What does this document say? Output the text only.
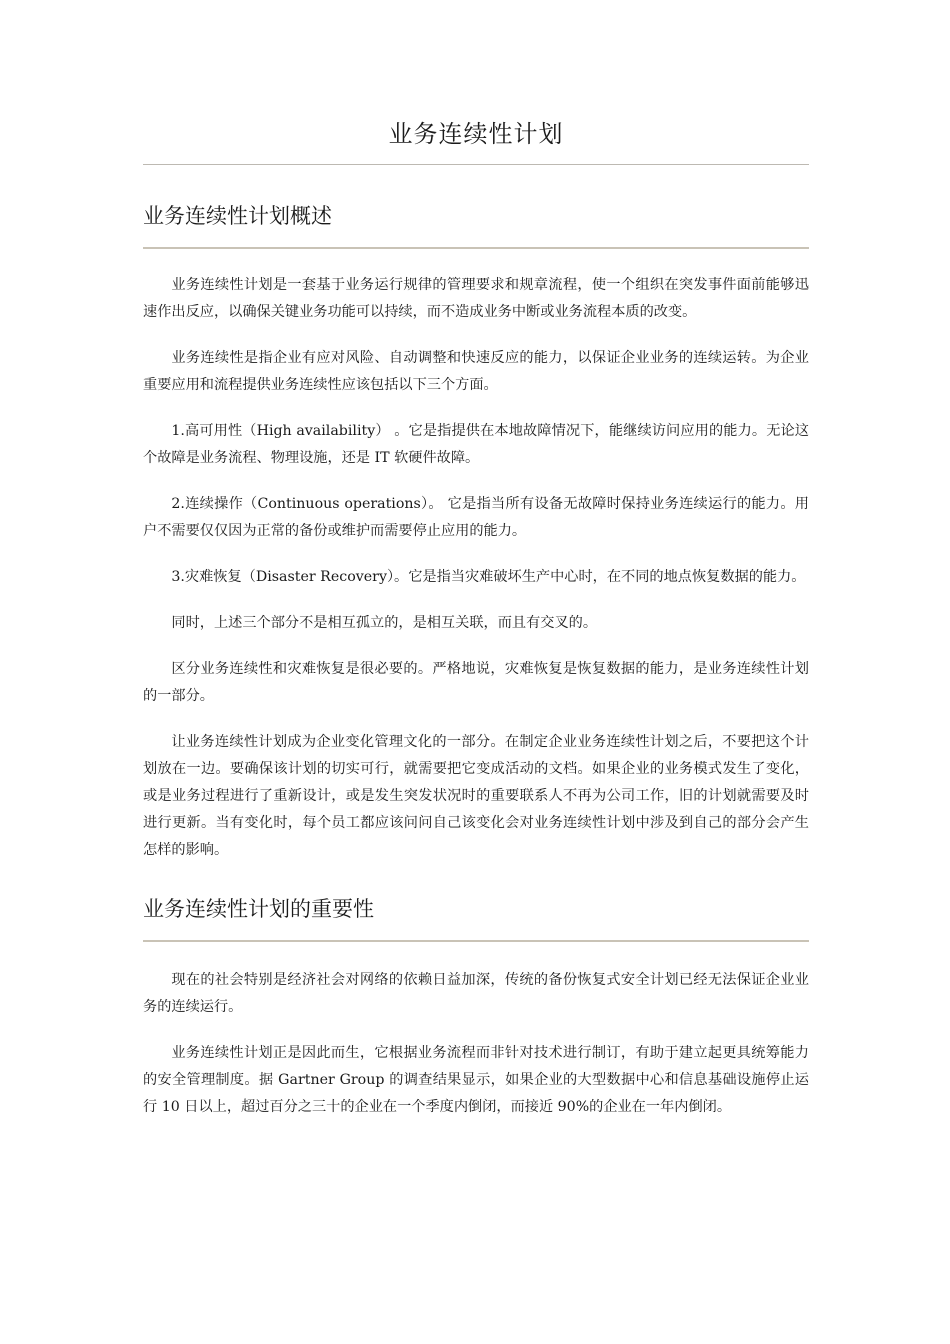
业务连续性计划
业务连续性计划概述

业务连续性计划是一套基于业务运行规律的管理要求和规章流程，使一个组织在突发事件面前能够迅速作出反应，以确保关键业务功能可以持续，而不造成业务中断或业务流程本质的改变。

业务连续性是指企业有应对风险、自动调整和快速反应的能力，以保证企业业务的连续运转。为企业重要应用和流程提供业务连续性应该包括以下三个方面。

1.高可用性（High availability） 。它是指提供在本地故障情况下，能继续访问应用的能力。无论这个故障是业务流程、物理设施，还是 IT 软硬件故障。

2.连续操作（Continuous operations）。 它是指当所有设备无故障时保持业务连续运行的能力。用户不需要仅仅因为正常的备份或维护而需要停止应用的能力。

3.灾难恢复（Disaster Recovery）。它是指当灾难破坏生产中心时，在不同的地点恢复数据的能力。

同时，上述三个部分不是相互孤立的，是相互关联，而且有交叉的。

区分业务连续性和灾难恢复是很必要的。严格地说，灾难恢复是恢复数据的能力，是业务连续性计划的一部分。

让业务连续性计划成为企业变化管理文化的一部分。在制定企业业务连续性计划之后，不要把这个计划放在一边。要确保该计划的切实可行，就需要把它变成活动的文档。如果企业的业务模式发生了变化，或是业务过程进行了重新设计，或是发生突发状况时的重要联系人不再为公司工作，旧的计划就需要及时进行更新。当有变化时，每个员工都应该问问自己该变化会对业务连续性计划中涉及到自己的部分会产生怎样的影响。

业务连续性计划的重要性

现在的社会特别是经济社会对网络的依赖日益加深，传统的备份恢复式安全计划已经无法保证企业业务的连续运行。

业务连续性计划正是因此而生，它根据业务流程而非针对技术进行制订，有助于建立起更具统筹能力的安全管理制度。据 Gartner Group 的调查结果显示，如果企业的大型数据中心和信息基础设施停止运行 10 日以上，超过百分之三十的企业在一个季度内倒闭，而接近 90%的企业在一年内倒闭。
